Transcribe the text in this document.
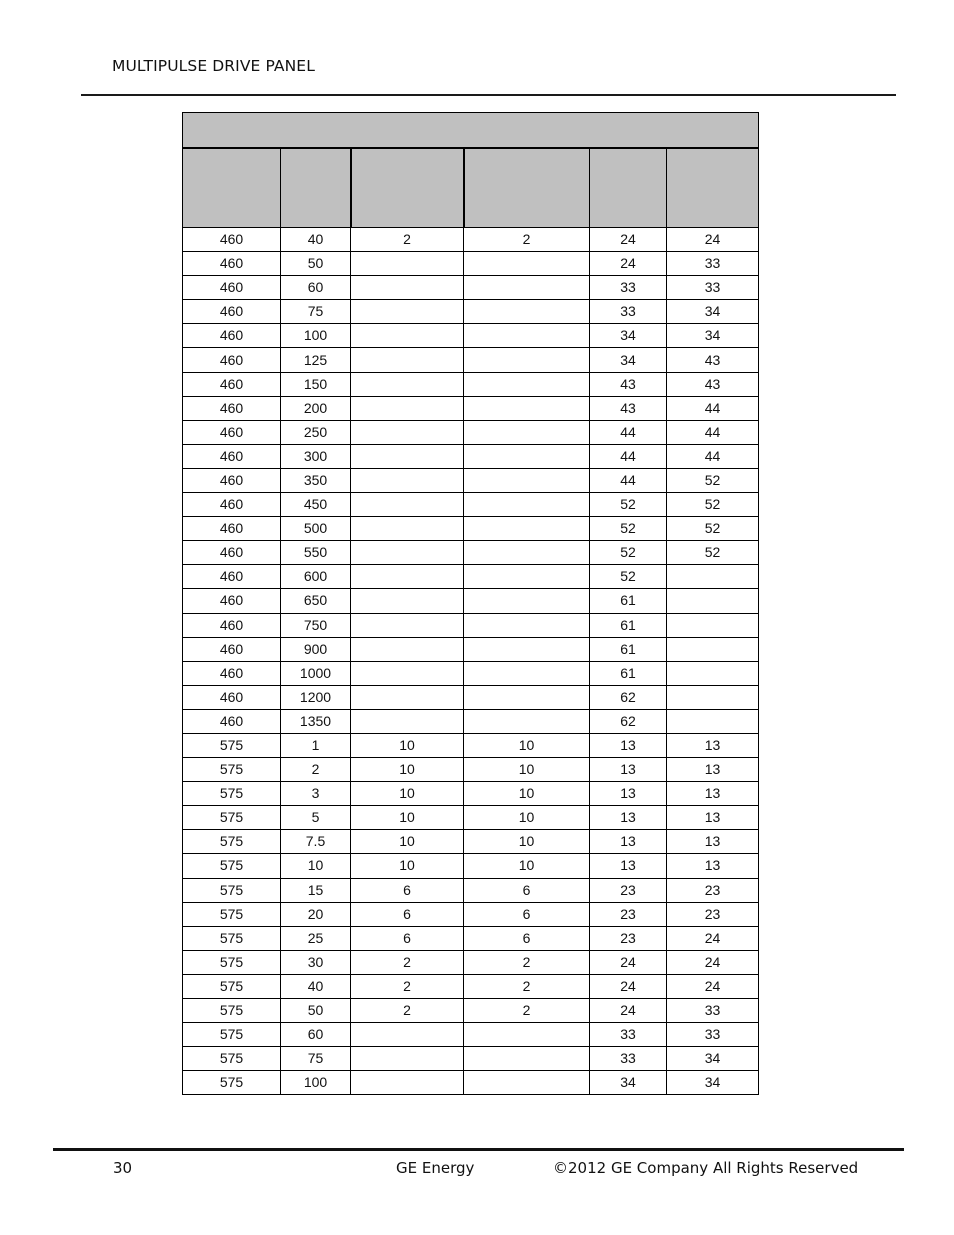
MULTIPULSE DRIVE PANEL

460	40	2	2	24	24
460	50			24	33
460	60			33	33
460	75			33	34
460	100			34	34
460	125			34	43
460	150			43	43
460	200			43	44
460	250			44	44
460	300			44	44
460	350			44	52
460	450			52	52
460	500			52	52
460	550			52	52
460	600			52	
460	650			61	
460	750			61	
460	900			61	
460	1000			61	
460	1200			62	
460	1350			62	
575	1	10	10	13	13
575	2	10	10	13	13
575	3	10	10	13	13
575	5	10	10	13	13
575	7.5	10	10	13	13
575	10	10	10	13	13
575	15	6	6	23	23
575	20	6	6	23	23
575	25	6	6	23	24
575	30	2	2	24	24
575	40	2	2	24	24
575	50	2	2	24	33
575	60			33	33
575	75			33	34
575	100			34	34
30	GE Energy	©2012 GE Company All Rights Reserved
